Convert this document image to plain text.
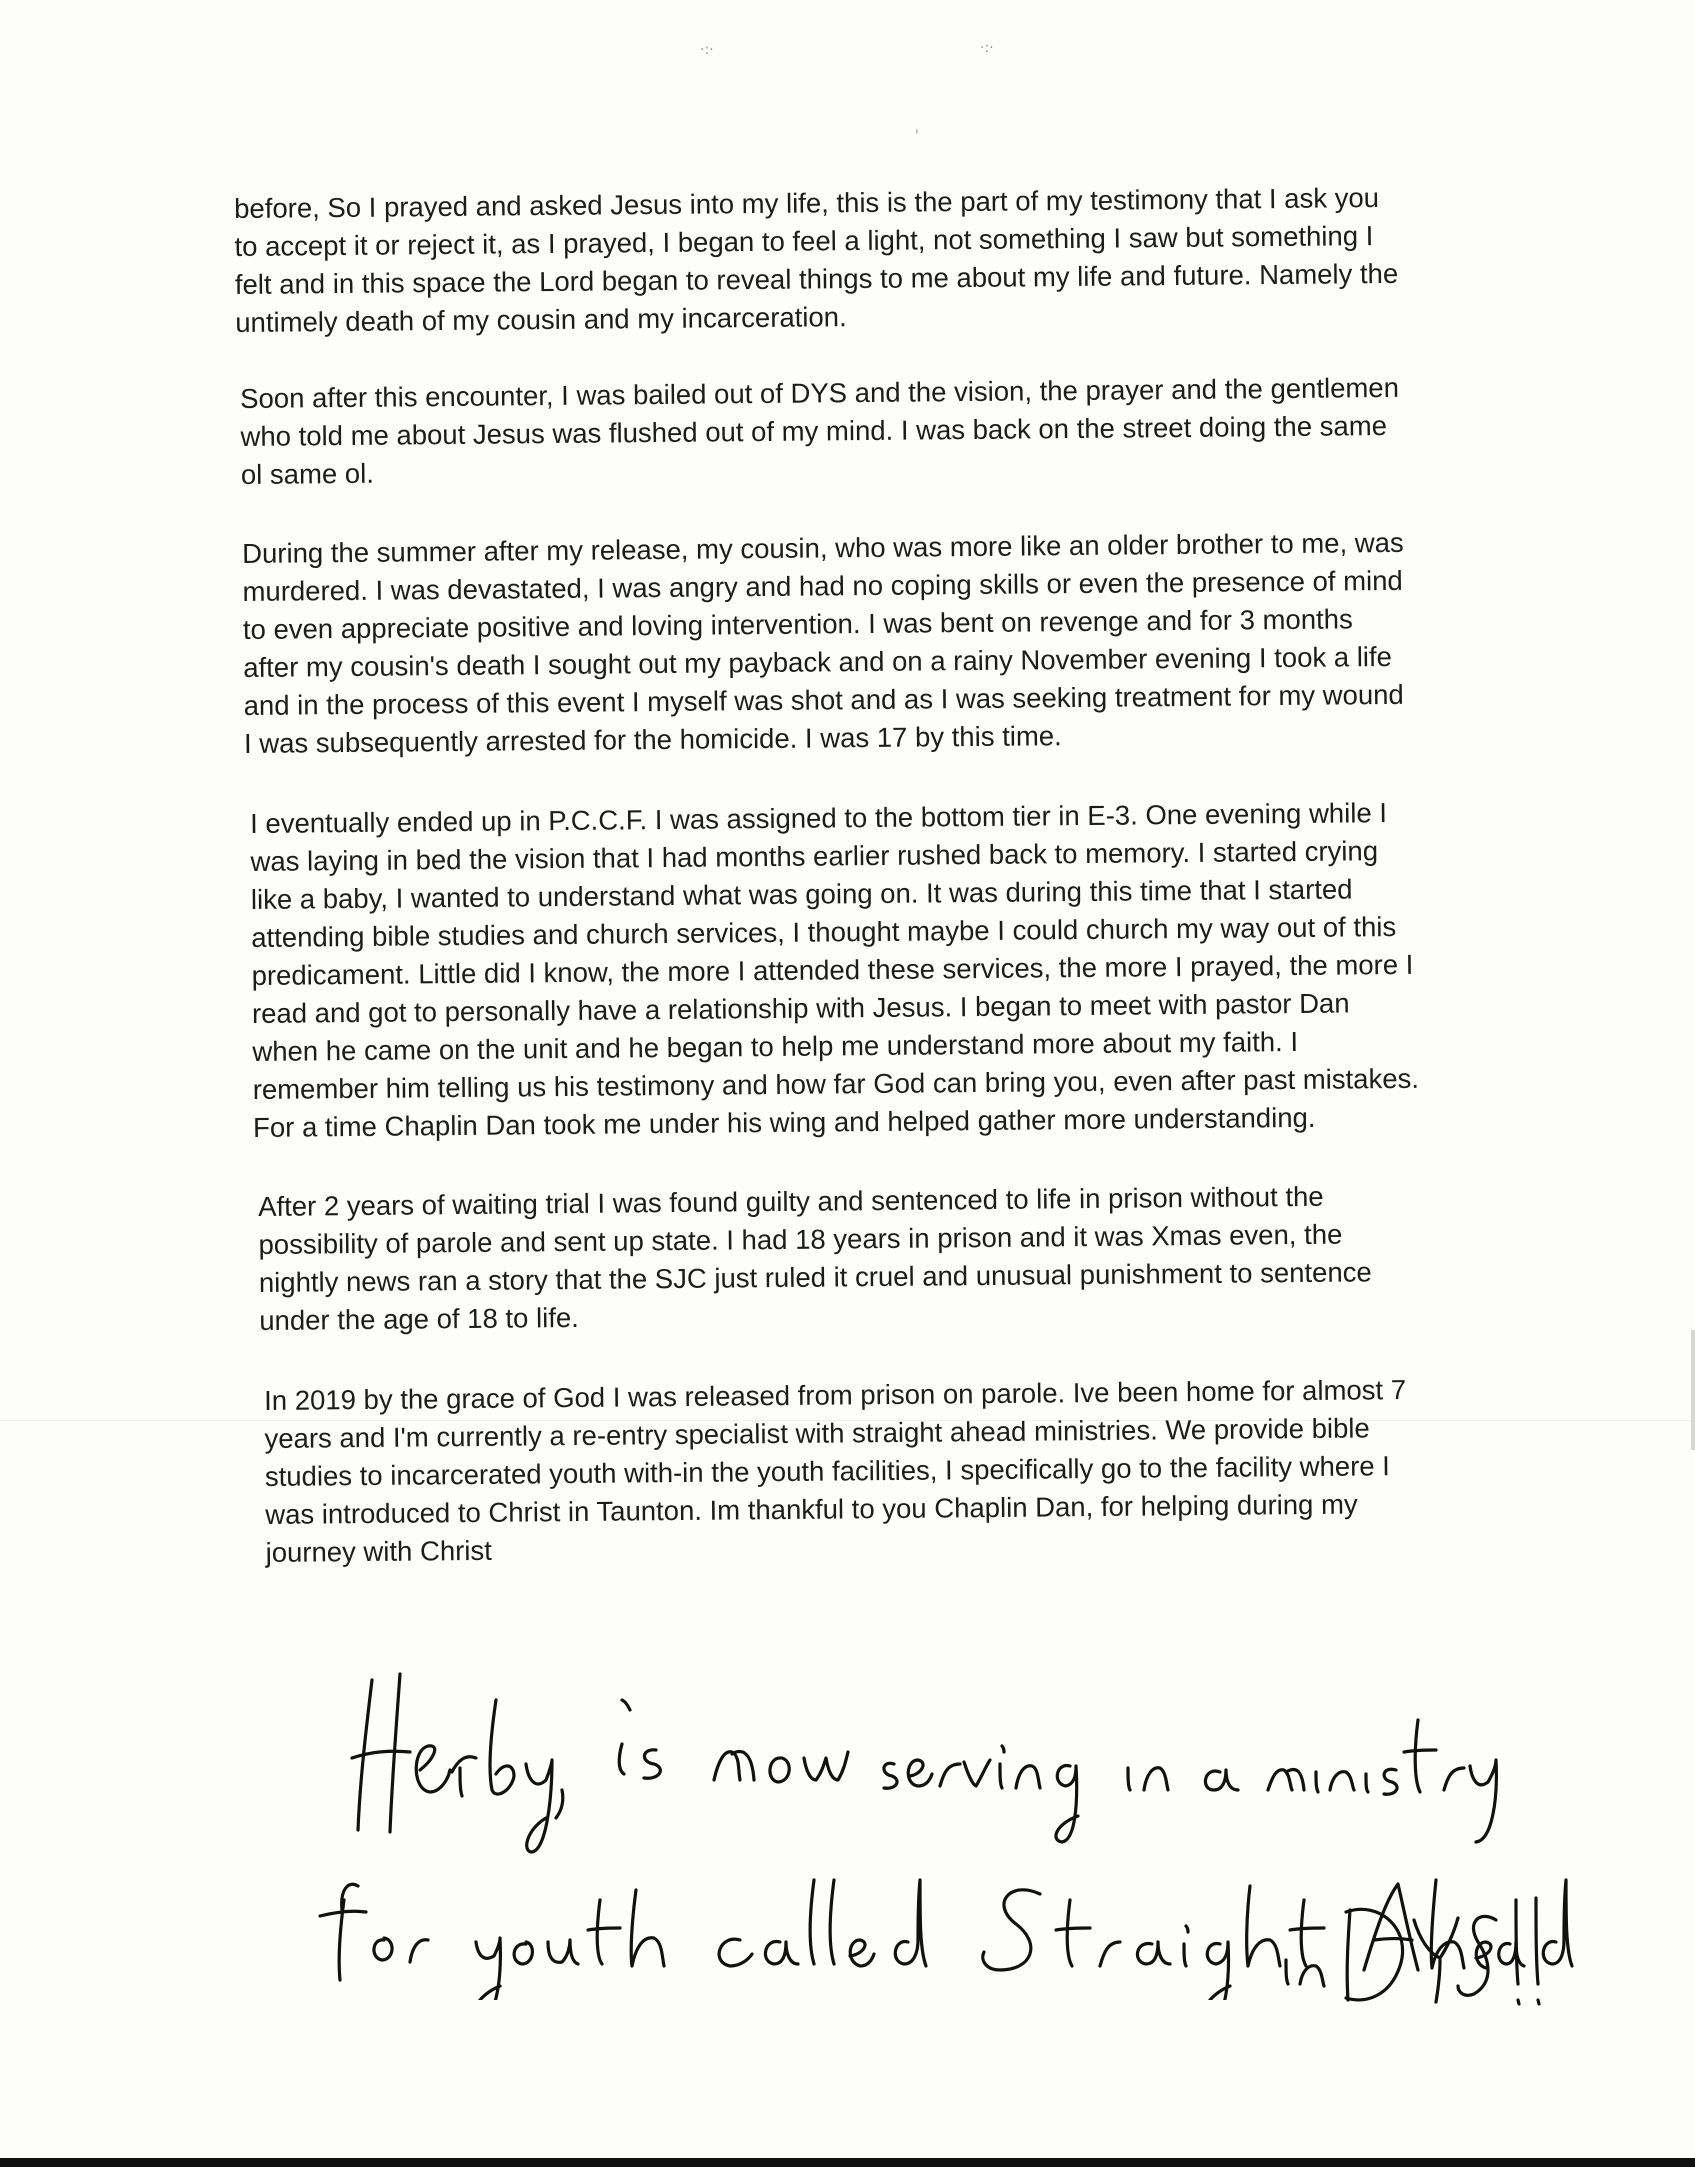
·:·	·:·
'

before, So I prayed and asked Jesus into my life, this is the part of my testimony that I ask you
to accept it or reject it, as I prayed, I began to feel a light, not something I saw but something I
felt and in this space the Lord began to reveal things to me about my life and future. Namely the
untimely death of my cousin and my incarceration.

Soon after this encounter, I was bailed out of DYS and the vision, the prayer and the gentlemen
who told me about Jesus was flushed out of my mind. I was back on the street doing the same
ol same ol.

During the summer after my release, my cousin, who was more like an older brother to me, was
murdered. I was devastated, I was angry and had no coping skills or even the presence of mind
to even appreciate positive and loving intervention. I was bent on revenge and for 3 months
after my cousin's death I sought out my payback and on a rainy November evening I took a life
and in the process of this event I myself was shot and as I was seeking treatment for my wound
I was subsequently arrested for the homicide. I was 17 by this time.

I eventually ended up in P.C.C.F. I was assigned to the bottom tier in E-3. One evening while I
was laying in bed the vision that I had months earlier rushed back to memory. I started crying
like a baby, I wanted to understand what was going on. It was during this time that I started
attending bible studies and church services, I thought maybe I could church my way out of this
predicament. Little did I know, the more I attended these services, the more I prayed, the more I
read and got to personally have a relationship with Jesus. I began to meet with pastor Dan
when he came on the unit and he began to help me understand more about my faith. I
remember him telling us his testimony and how far God can bring you, even after past mistakes.
For a time Chaplin Dan took me under his wing and helped gather more understanding.

After 2 years of waiting trial I was found guilty and sentenced to life in prison without the
possibility of parole and sent up state. I had 18 years in prison and it was Xmas even, the
nightly news ran a story that the SJC just ruled it cruel and unusual punishment to sentence
under the age of 18 to life.

In 2019 by the grace of God I was released from prison on parole. Ive been home for almost 7
years and I'm currently a re-entry specialist with straight ahead ministries. We provide bible
studies to incarcerated youth with-in the youth facilities, I specifically go to the facility where I
was introduced to Christ in Taunton. Im thankful to you Chaplin Dan, for helping during my
journey with Christ
